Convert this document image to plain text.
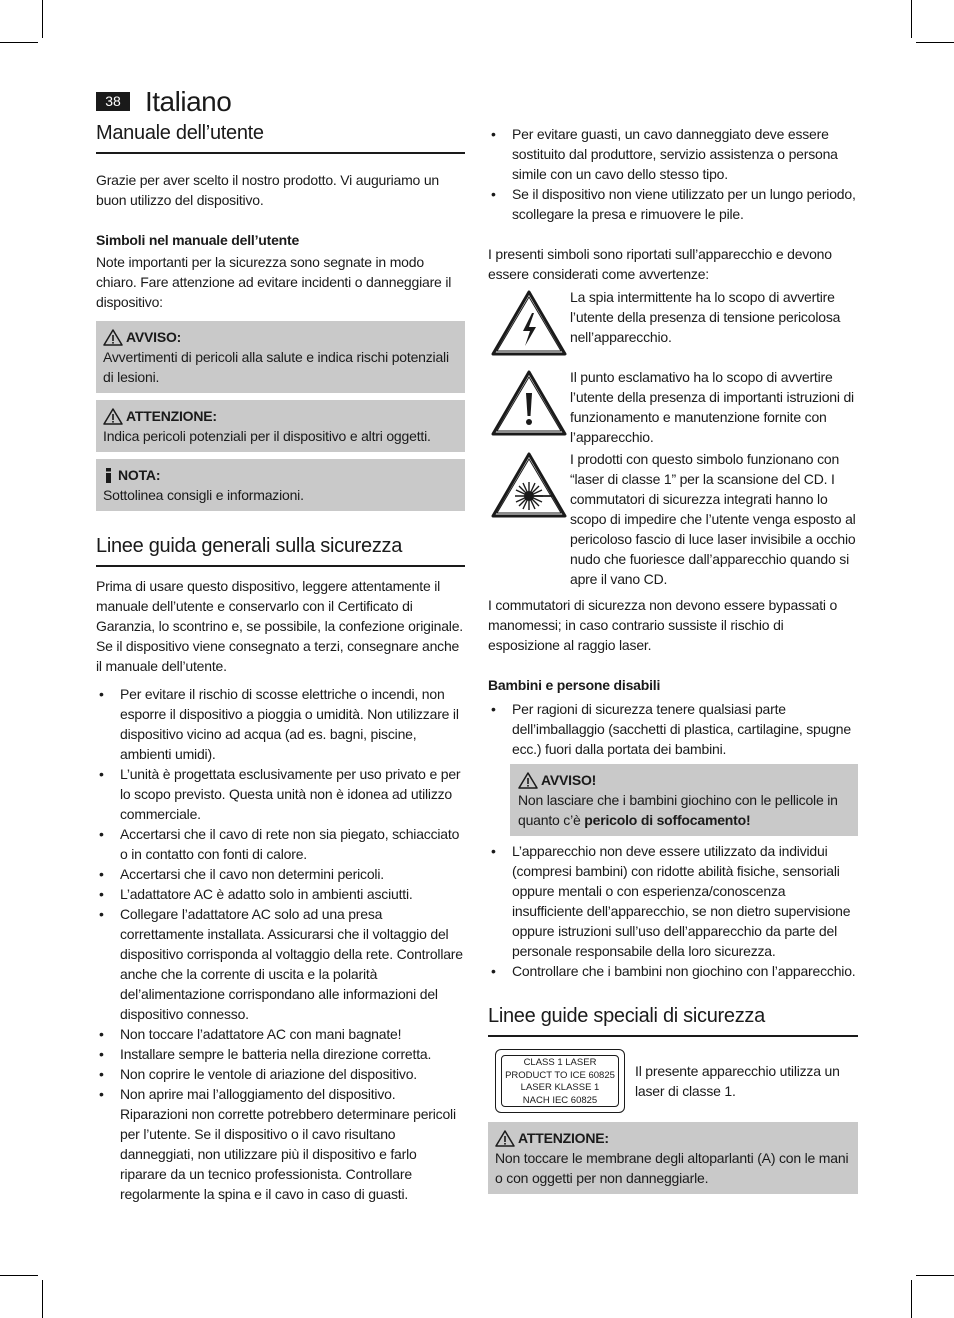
38 Italiano
Manuale dell’utente

Grazie per aver scelto il nostro prodotto. Vi auguriamo un buon utilizzo del dispositivo.

Simboli nel manuale dell’utente

Note importanti per la sicurezza sono segnate in modo chiaro. Fare attenzione ad evitare incidenti o danneggiare il dispositivo:

AVVISO:
Avvertimenti di pericoli alla salute e indica rischi potenziali di lesioni.
ATTENZIONE:
Indica pericoli potenziali per il dispositivo e altri oggetti.
NOTA:
Sottolinea consigli e informazioni.
Linee guida generali sulla sicurezza

Prima di usare questo dispositivo, leggere attentamente il manuale dell’utente e conservarlo con il Certificato di Garanzia, lo scontrino e, se possibile, la confezione originale. Se il dispositivo viene consegnato a terzi, consegnare anche il manuale dell’utente.

• Per evitare il rischio di scosse elettriche o incendi, non esporre il dispositivo a pioggia o umidità. Non utilizzare il dispositivo vicino ad acqua (ad es. bagni, piscine, ambienti umidi).
• L’unità è progettata esclusivamente per uso privato e per lo scopo previsto. Questa unità non è idonea ad utilizzo commerciale.
• Accertarsi che il cavo di rete non sia piegato, schiacciato o in contatto con fonti di calore.
• Accertarsi che il cavo non determini pericoli.
• L’adattatore AC è adatto solo in ambienti asciutti.
• Collegare l’adattatore AC solo ad una presa correttamente installata. Assicurarsi che il voltaggio del dispositivo corrisponda al voltaggio della rete. Controllare anche che la corrente di uscita e la polarità del’alimentazione corrispondano alle informazioni del dispositivo connesso.
• Non toccare l’adattatore AC con mani bagnate!
• Installare sempre le batteria nella direzione corretta.
• Non coprire le ventole di ariazione del dispositivo.
• Non aprire mai l’alloggiamento del dispositivo. Riparazioni non corrette potrebbero determinare pericoli per l’utente. Se il dispositivo o il cavo risultano danneggiati, non utilizzare più il dispositivo e farlo riparare da un tecnico professionista. Controllare regolarmente la spina e il cavo in caso di guasti.
• Per evitare guasti, un cavo danneggiato deve essere sostituito dal produttore, servizio assistenza o persona simile con un cavo dello stesso tipo.
• Se il dispositivo non viene utilizzato per un lungo periodo, scollegare la presa e rimuovere le pile.

I presenti simboli sono riportati sull’apparecchio e devono essere considerati come avvertenze:

La spia intermittente ha lo scopo di avvertire l’utente della presenza di tensione pericolosa nell’apparecchio.
Il punto esclamativo ha lo scopo di avvertire l’utente della presenza di importanti istruzioni di funzionamento e manutenzione fornite con l’apparecchio.
I prodotti con questo simbolo funzionano con “laser di classe 1” per la scansione del CD. I commutatori di sicurezza integrati hanno lo scopo di impedire che l’utente venga esposto al pericoloso fascio di luce laser invisibile a occhio nudo che fuoriesce dall’apparecchio quando si apre il vano CD.

I commutatori di sicurezza non devono essere bypassati o manomessi; in caso contrario sussiste il rischio di esposizione al raggio laser.

Bambini e persone disabili
• Per ragioni di sicurezza tenere qualsiasi parte dell’imballaggio (sacchetti di plastica, cartilagine, spugne ecc.) fuori dalla portata dei bambini.
AVVISO!
Non lasciare che i bambini giochino con le pellicole in quanto c’è pericolo di soffocamento!
• L’apparecchio non deve essere utilizzato da individui (compresi bambini) con ridotte abilità fisiche, sensoriali oppure mentali o con esperienza/conoscenza insufficiente dell’apparecchio, se non dietro supervisione oppure istruzioni sull’uso dell’apparecchio da parte del personale responsabile della loro sicurezza.
• Controllare che i bambini non giochino con l’apparecchio.
Linee guide speciali di sicurezza
CLASS 1 LASER
PRODUCT TO ICE 60825
LASER KLASSE 1
NACH IEC 60825
Il presente apparecchio utilizza un laser di classe 1.
ATTENZIONE:
Non toccare le membrane degli altoparlanti (A) con le mani o con oggetti per non danneggiarle.
